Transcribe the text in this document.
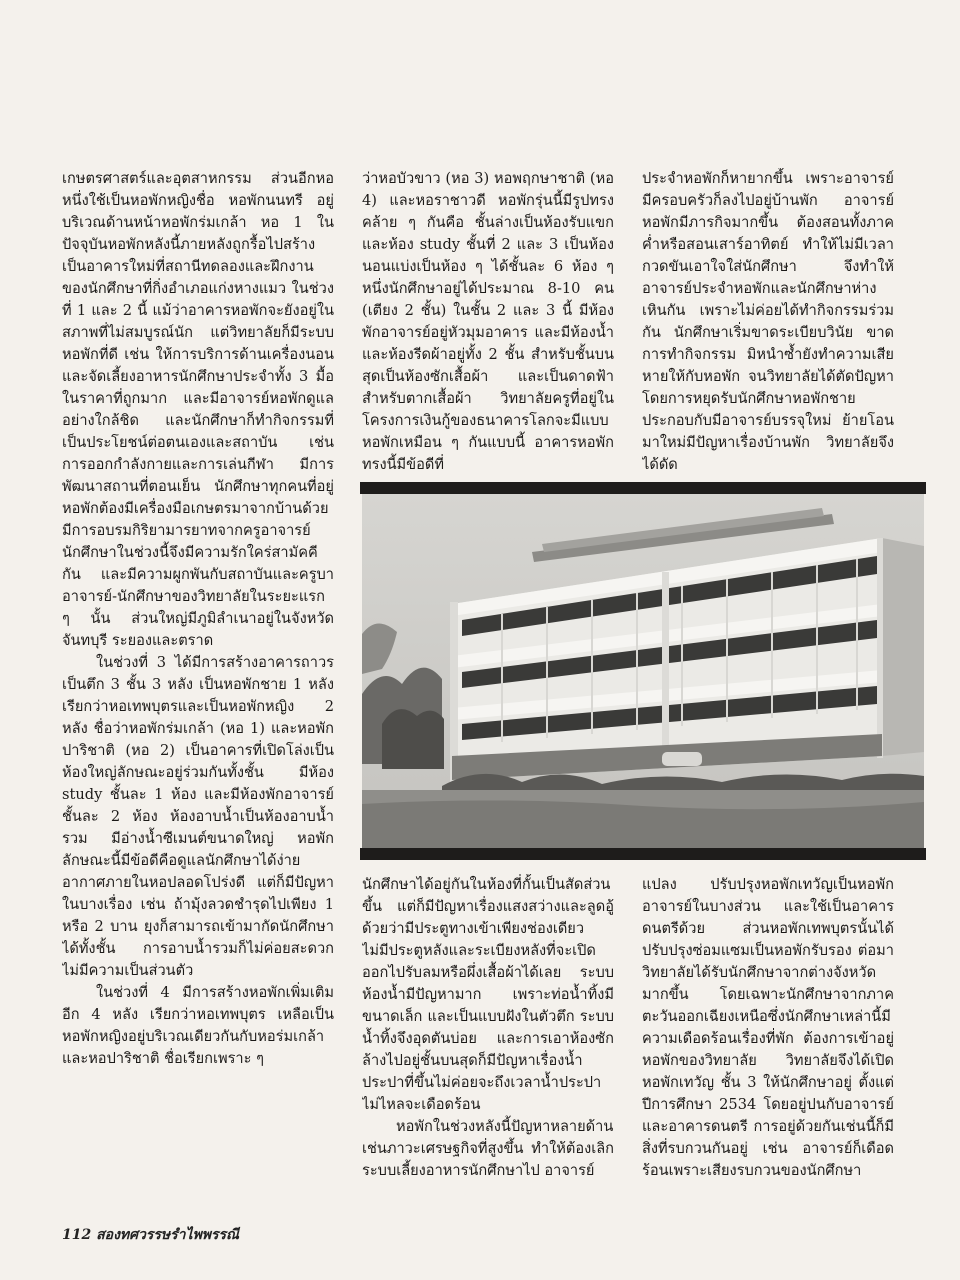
เกษตรศาสตร์และอุตสาหกรรม ส่วนอีกหอหนึ่งใช้เป็นหอพักหญิงชื่อ หอพักนนทรี อยู่บริเวณด้านหน้าหอพักร่มเกล้า หอ 1 ในปัจจุบันหอพักหลังนี้ภายหลังถูกรื้อไปสร้างเป็นอาคารใหม่ที่สถานีทดลองและฝึกงานของนักศึกษาที่กิ่งอำเภอแก่งหางแมว ในช่วงที่ 1 และ 2 นี้ แม้ว่าอาคารหอพักจะยังอยู่ในสภาพที่ไม่สมบูรณ์นัก แต่วิทยาลัยก็มีระบบหอพักที่ดี เช่น ให้การบริการด้านเครื่องนอน และจัดเลี้ยงอาหารนักศึกษาประจำทั้ง 3 มื้อ ในราคาที่ถูกมาก และมีอาจารย์หอพักดูแลอย่างใกล้ชิด และนักศึกษาก็ทำกิจกรรมที่เป็นประโยชน์ต่อตนเองและสถาบัน เช่น การออกกำลังกายและการเล่นกีฬา มีการพัฒนาสถานที่ตอนเย็น นักศึกษาทุกคนที่อยู่หอพักต้องมีเครื่องมือเกษตรมาจากบ้านด้วย มีการอบรมกิริยามารยาทจากครูอาจารย์ นักศึกษาในช่วงนี้จึงมีความรักใคร่สามัคคีกัน และมีความผูกพันกับสถาบันและครูบาอาจารย์-นักศึกษาของวิทยาลัยในระยะแรก ๆ นั้น ส่วนใหญ่มีภูมิลำเนาอยู่ในจังหวัดจันทบุรี ระยองและตราด

ในช่วงที่ 3 ได้มีการสร้างอาคารถาวร เป็นตึก 3 ชั้น 3 หลัง เป็นหอพักชาย 1 หลัง เรียกว่าหอเทพบุตรและเป็นหอพักหญิง 2 หลัง ชื่อว่าหอพักร่มเกล้า (หอ 1) และหอพักปาริชาติ (หอ 2) เป็นอาคารที่เปิดโล่งเป็นห้องใหญ่ลักษณะอยู่ร่วมกันทั้งชั้น มีห้อง study ชั้นละ 1 ห้อง และมีห้องพักอาจารย์ชั้นละ 2 ห้อง ห้องอาบน้ำเป็นห้องอาบน้ำรวม มีอ่างน้ำซีเมนต์ขนาดใหญ่ หอพักลักษณะนี้มีข้อดีคือดูแลนักศึกษาได้ง่าย อากาศภายในหอปลอดโปร่งดี แต่ก็มีปัญหาในบางเรื่อง เช่น ถ้ามุ้งลวดชำรุดไปเพียง 1 หรือ 2 บาน ยุงก็สามารถเข้ามากัดนักศึกษาได้ทั้งชั้น การอาบน้ำรวมก็ไม่ค่อยสะดวกไม่มีความเป็นส่วนตัว

ในช่วงที่ 4 มีการสร้างหอพักเพิ่มเติมอีก 4 หลัง เรียกว่าหอเทพบุตร เหลือเป็นหอพักหญิงอยู่บริเวณเดียวกันกับหอร่มเกล้า และหอปาริชาติ ชื่อเรียกเพราะ ๆ

ว่าหอบัวขาว (หอ 3) หอพฤกษาชาติ (หอ 4) และหอราชาวดี หอพักรุ่นนี้มีรูปทรงคล้าย ๆ กันคือ ชั้นล่างเป็นห้องรับแขกและห้อง study ชั้นที่ 2 และ 3 เป็นห้องนอนแบ่งเป็นห้อง ๆ ได้ชั้นละ 6 ห้อง ๆ หนึ่งนักศึกษาอยู่ได้ประมาณ 8-10 คน (เตียง 2 ชั้น) ในชั้น 2 และ 3 นี้ มีห้องพักอาจารย์อยู่หัวมุมอาคาร และมีห้องน้ำและห้องรีดผ้าอยู่ทั้ง 2 ชั้น สำหรับชั้นบนสุดเป็นห้องซักเสื้อผ้า และเป็นดาดฟ้าสำหรับตากเสื้อผ้า วิทยาลัยครูที่อยู่ในโครงการเงินกู้ของธนาคารโลกจะมีแบบหอพักเหมือน ๆ กันแบบนี้ อาคารหอพักทรงนี้มีข้อดีที่

ประจำหอพักก็หายากขึ้น เพราะอาจารย์มีครอบครัวก็ลงไปอยู่บ้านพัก อาจารย์หอพักมีภารกิจมากขึ้น ต้องสอนทั้งภาคค่ำหรือสอนเสาร์อาทิตย์ ทำให้ไม่มีเวลากวดขันเอาใจใส่นักศึกษา จึงทำให้อาจารย์ประจำหอพักและนักศึกษาห่างเหินกัน เพราะไม่ค่อยได้ทำกิจกรรมร่วมกัน นักศึกษาเริ่มขาดระเบียบวินัย ขาดการทำกิจกรรม มิหนำซ้ำยังทำความเสียหายให้กับหอพัก จนวิทยาลัยได้ตัดปัญหาโดยการหยุดรับนักศึกษาหอพักชาย ประกอบกับมีอาจารย์บรรจุใหม่ ย้ายโอนมาใหม่มีปัญหาเรื่องบ้านพัก วิทยาลัยจึงได้ดัด

นักศึกษาได้อยู่กันในห้องที่กั้นเป็นสัดส่วนขึ้น แต่ก็มีปัญหาเรื่องแสงสว่างและลูดอู้ด้วยว่ามีประตูทางเข้าเพียงช่องเดียว ไม่มีประตูหลังและระเบียงหลังที่จะเปิดออกไปรับลมหรือผึ่งเสื้อผ้าได้เลย ระบบห้องน้ำมีปัญหามาก เพราะท่อน้ำทิ้งมีขนาดเล็ก และเป็นแบบฝังในตัวตึก ระบบน้ำทิ้งจึงอุดตันบ่อย และการเอาห้องซักล้างไปอยู่ชั้นบนสุดก็มีปัญหาเรื่องน้ำประปาที่ขึ้นไม่ค่อยจะถึงเวลาน้ำประปาไม่ไหลจะเดือดร้อน

หอพักในช่วงหลังนี้ปัญหาหลายด้านเช่นภาวะเศรษฐกิจที่สูงขึ้น ทำให้ต้องเลิกระบบเลี้ยงอาหารนักศึกษาไป อาจารย์

แปลง ปรับปรุงหอพักเทวัญเป็นหอพักอาจารย์ในบางส่วน และใช้เป็นอาคารดนตรีด้วย ส่วนหอพักเทพบุตรนั้นได้ปรับปรุงซ่อมแซมเป็นหอพักรับรอง ต่อมาวิทยาลัยได้รับนักศึกษาจากต่างจังหวัดมากขึ้น โดยเฉพาะนักศึกษาจากภาคตะวันออกเฉียงเหนือซึ่งนักศึกษาเหล่านี้มีความเดือดร้อนเรื่องที่พัก ต้องการเข้าอยู่หอพักของวิทยาลัย วิทยาลัยจึงได้เปิดหอพักเทวัญ ชั้น 3 ให้นักศึกษาอยู่ ตั้งแต่ปีการศึกษา 2534 โดยอยู่ปนกับอาจารย์และอาคารดนตรี การอยู่ด้วยกันเช่นนี้ก็มีสิ่งที่รบกวนกันอยู่ เช่น อาจารย์ก็เดือดร้อนเพราะเสียงรบกวนของนักศึกษา

112 สองทศวรรษรำไพพรรณี
